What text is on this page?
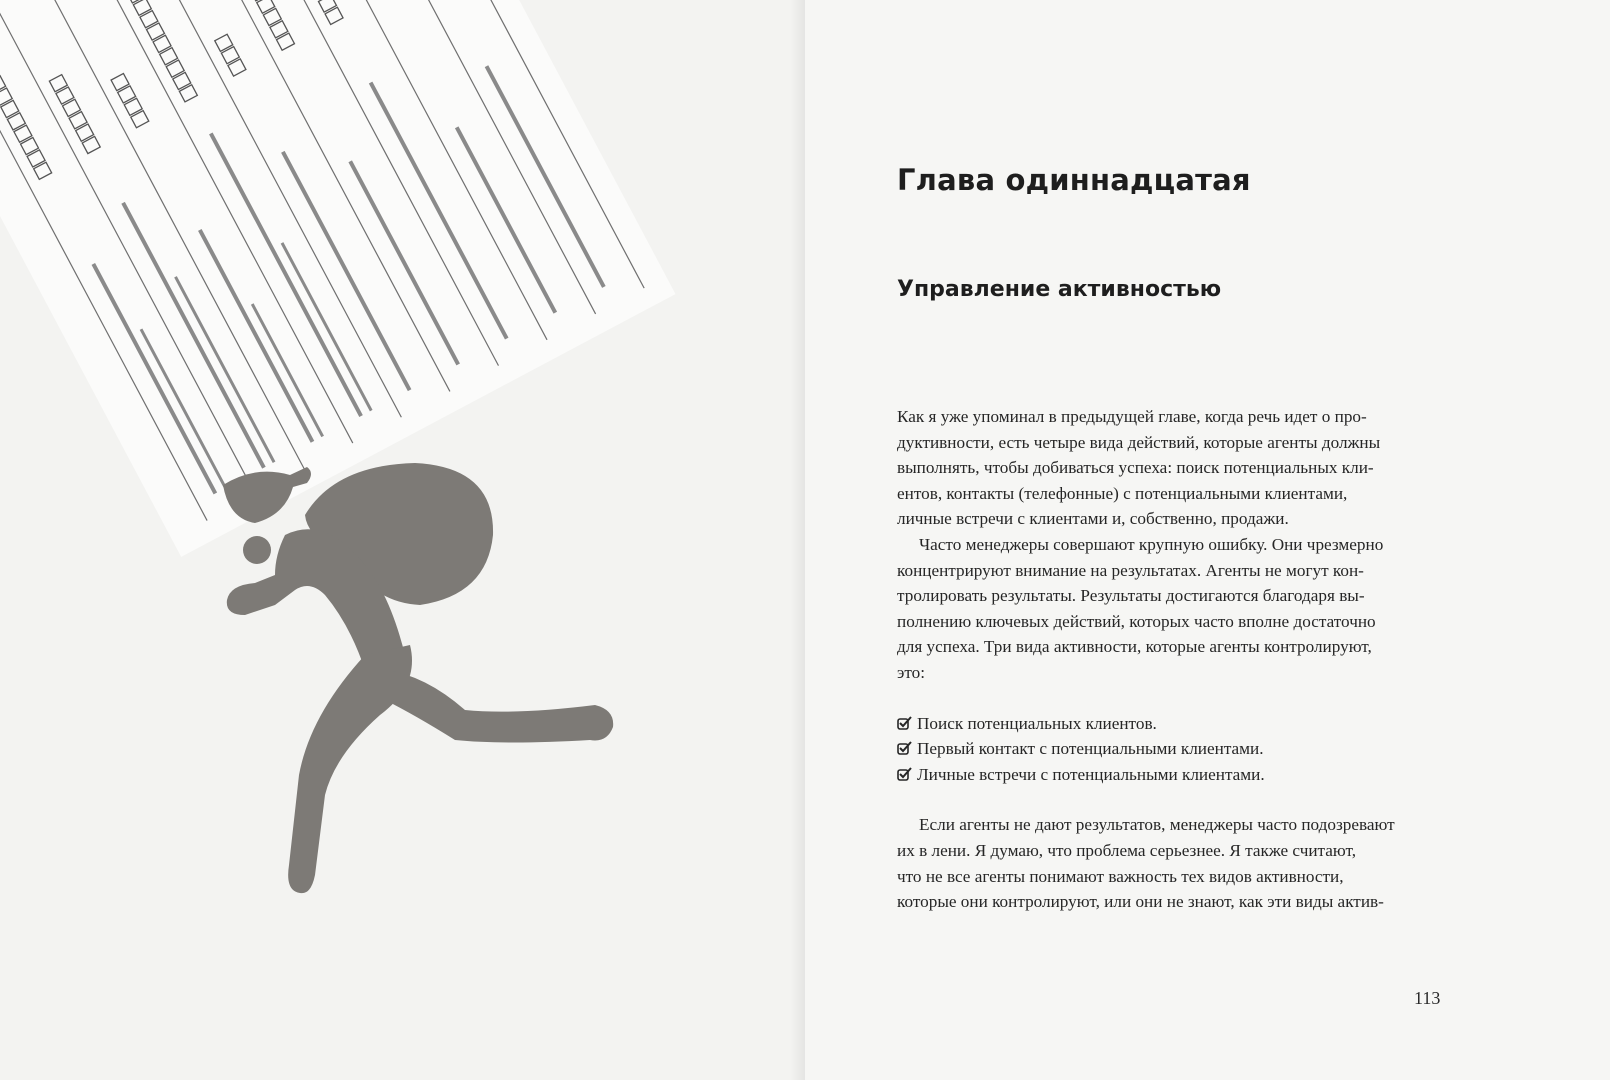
Глава одиннадцатая
Управление активностью
Как я уже упоминал в предыдущей главе, когда речь идет о про-
дуктивности, есть четыре вида действий, которые агенты должны
выполнять, чтобы добиваться успеха: поиск потенциальных кли-
ентов, контакты (телефонные) с потенциальными клиентами,
личные встречи с клиентами и, собственно, продажи.
Часто менеджеры совершают крупную ошибку. Они чрезмерно
концентрируют внимание на результатах. Агенты не могут кон-
тролировать результаты. Результаты достигаются благодаря вы-
полнению ключевых действий, которых часто вполне достаточно
для успеха. Три вида активности, которые агенты контролируют,
это:
Поиск потенциальных клиентов.
Первый контакт с потенциальными клиентами.
Личные встречи с потенциальными клиентами.
Если агенты не дают результатов, менеджеры часто подозревают
их в лени. Я думаю, что проблема серьезнее. Я также считают,
что не все агенты понимают важность тех видов активности,
которые они контролируют, или они не знают, как эти виды актив-
113
